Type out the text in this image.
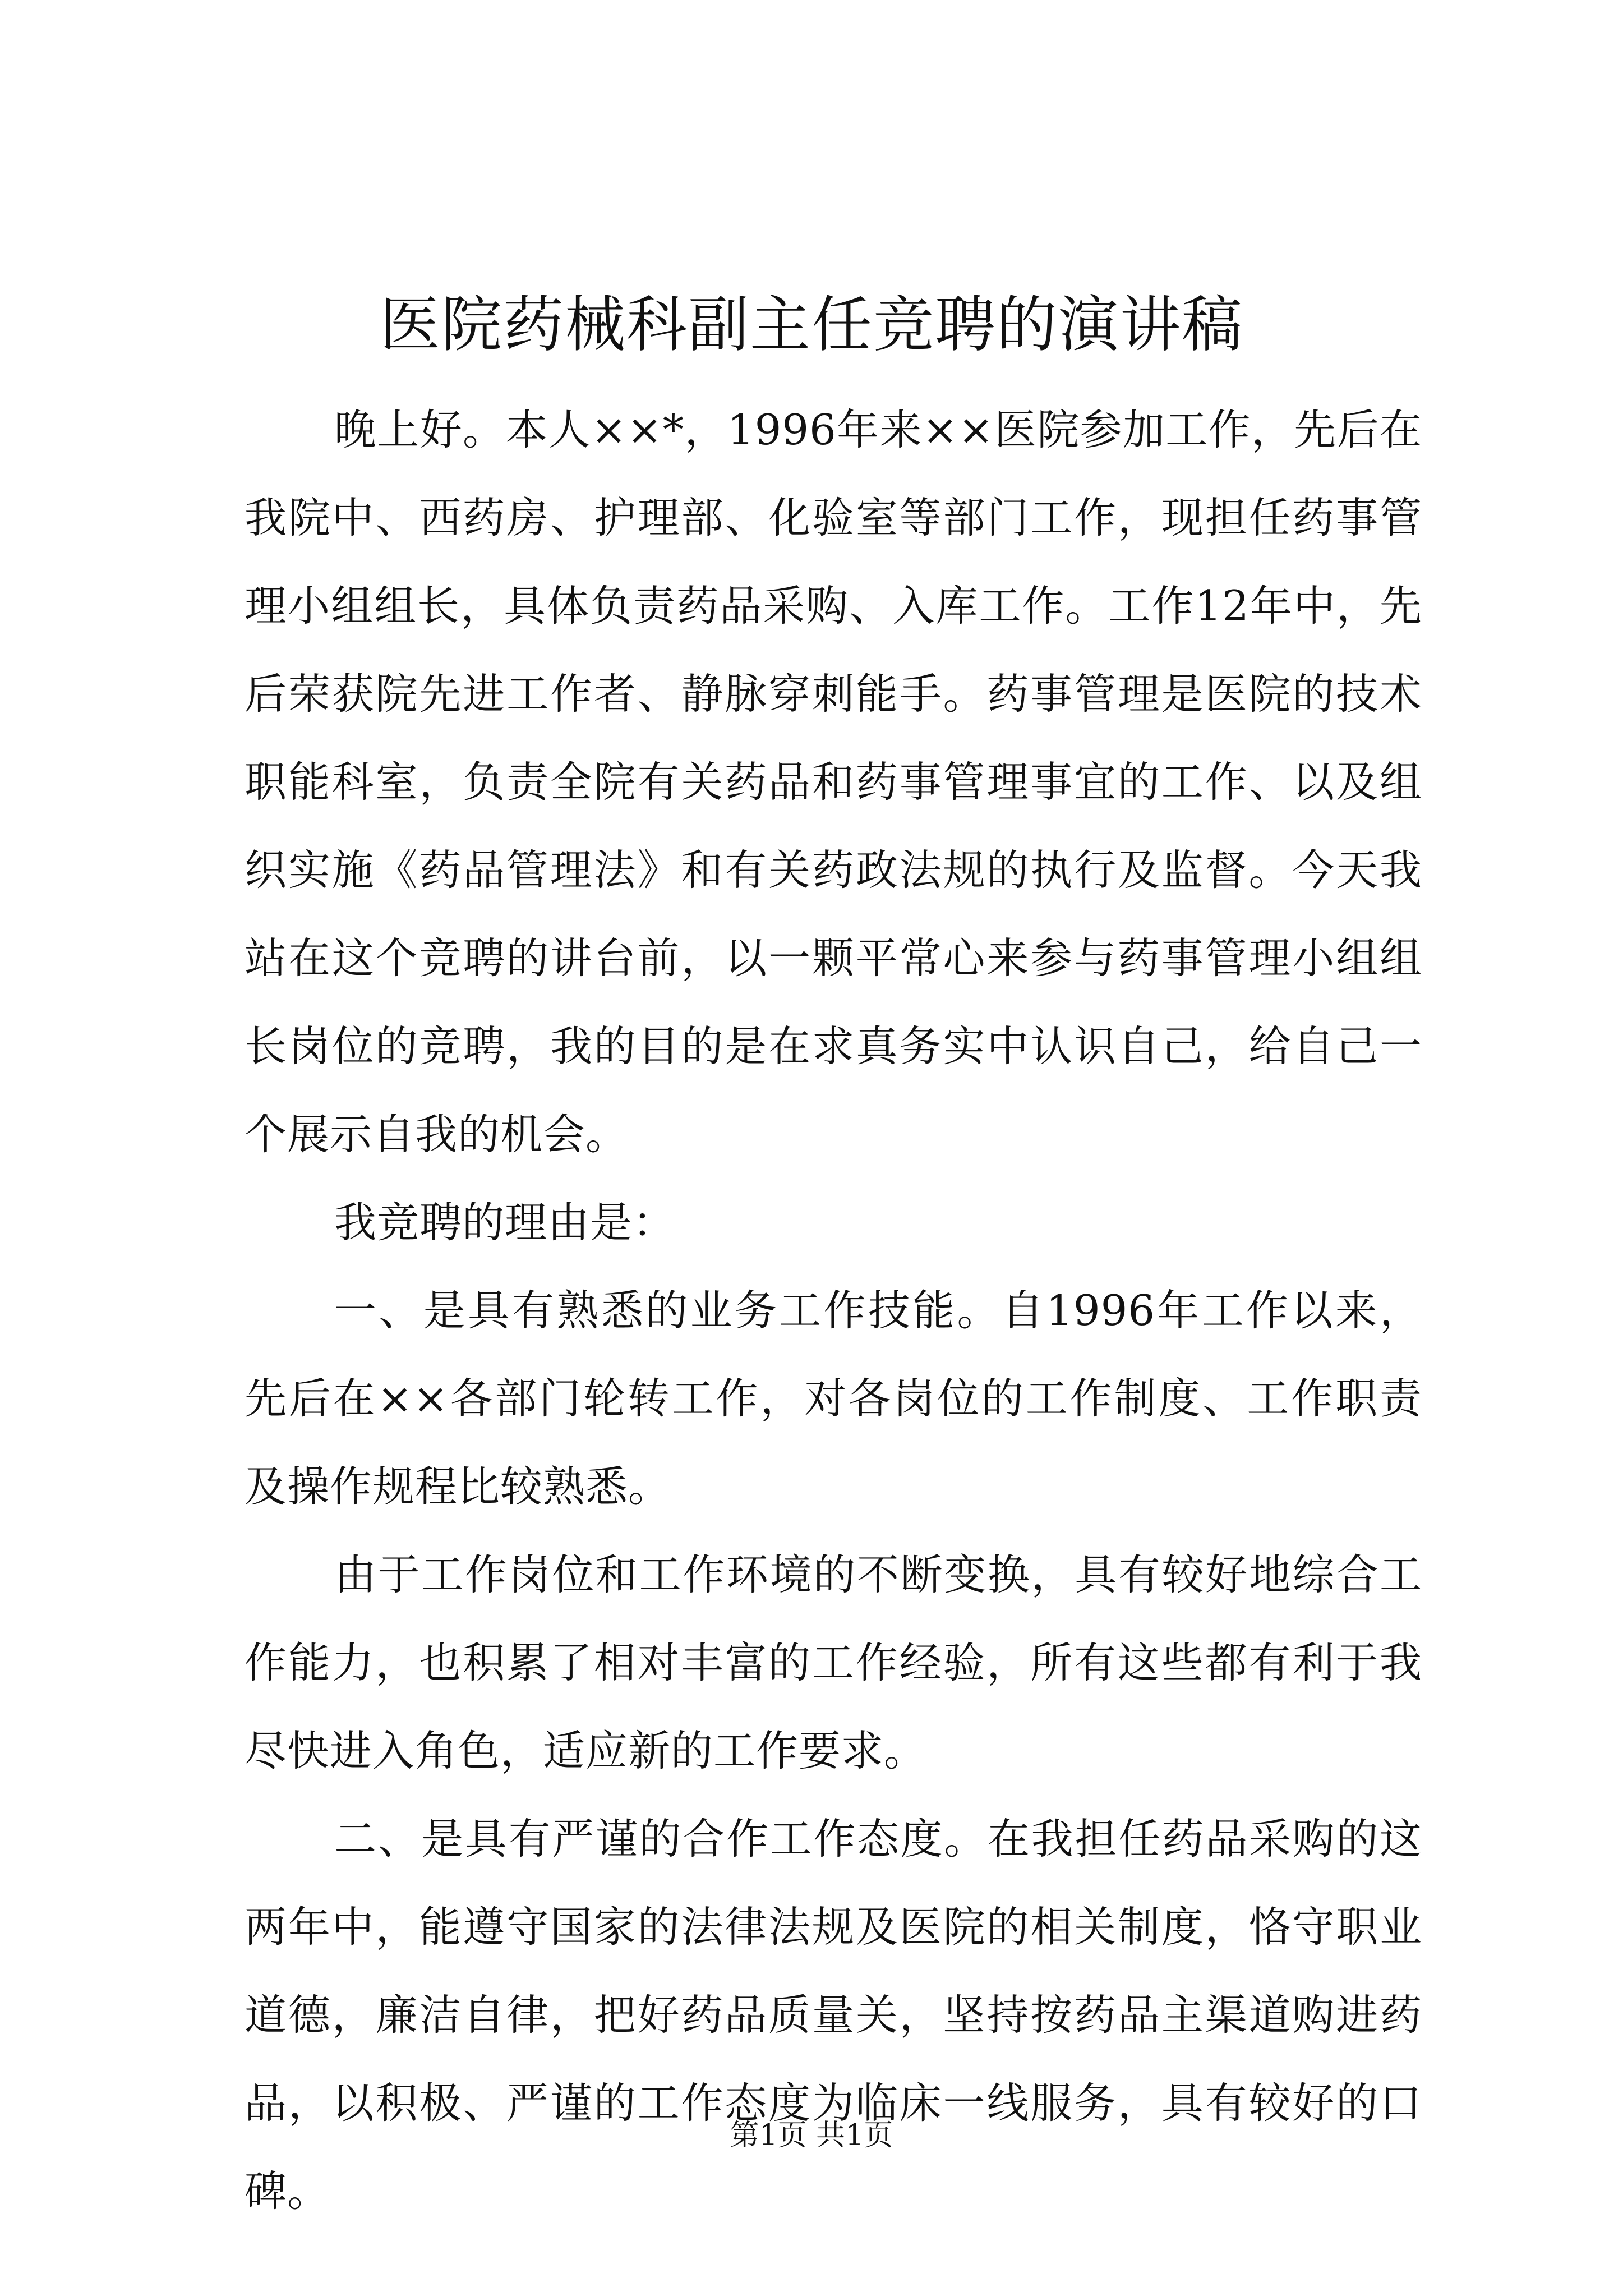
医院药械科副主任竞聘的演讲稿

晚上好。本人××*，1996年来××医院参加工作，先后在我院中、西药房、护理部、化验室等部门工作，现担任药事管理小组组长，具体负责药品采购、入库工作。工作12年中，先后荣获院先进工作者、静脉穿刺能手。药事管理是医院的技术职能科室，负责全院有关药品和药事管理事宜的工作、以及组织实施《药品管理法》和有关药政法规的执行及监督。今天我站在这个竞聘的讲台前，以一颗平常心来参与药事管理小组组长岗位的竞聘，我的目的是在求真务实中认识自己，给自己一个展示自我的机会。

我竞聘的理由是：

一、是具有熟悉的业务工作技能。自1996年工作以来，先后在××各部门轮转工作，对各岗位的工作制度、工作职责及操作规程比较熟悉。

由于工作岗位和工作环境的不断变换，具有较好地综合工作能力，也积累了相对丰富的工作经验，所有这些都有利于我尽快进入角色，适应新的工作要求。

二、是具有严谨的合作工作态度。在我担任药品采购的这两年中，能遵守国家的法律法规及医院的相关制度，恪守职业道德，廉洁自律，把好药品质量关，坚持按药品主渠道购进药品，以积极、严谨的工作态度为临床一线服务，具有较好的口碑。

第1页 共1页
